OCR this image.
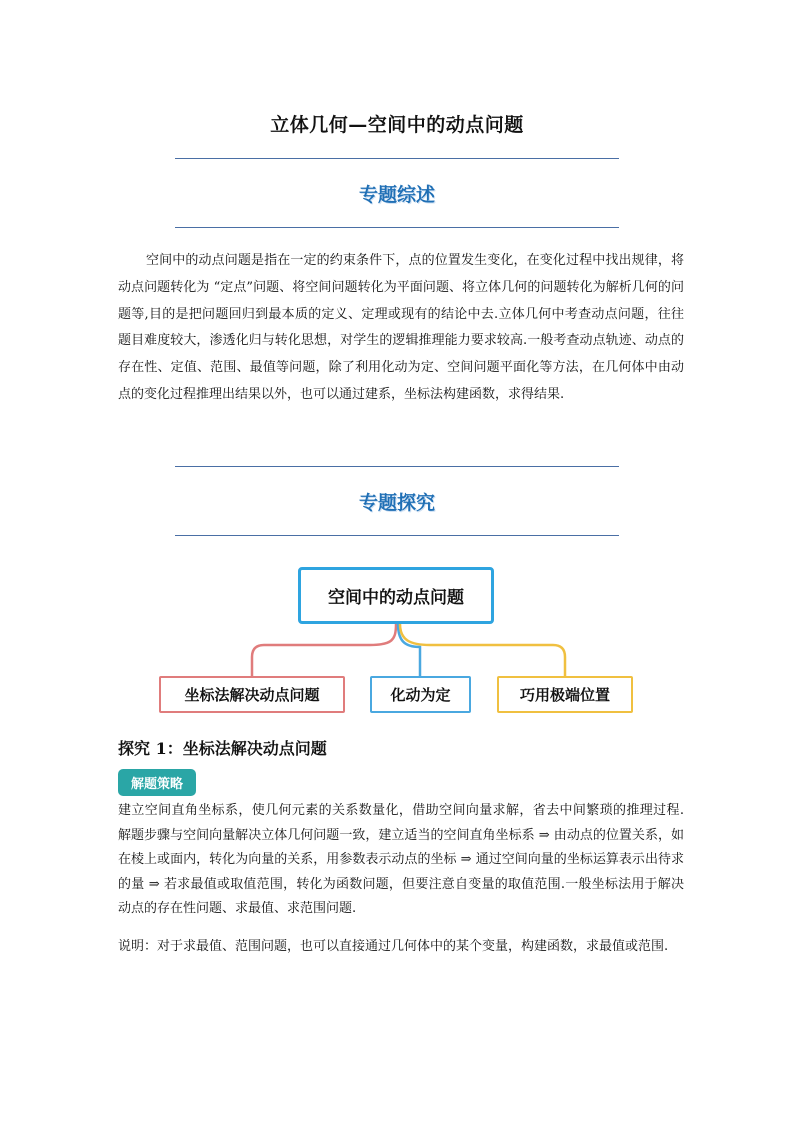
立体几何—空间中的动点问题
专题综述

空间中的动点问题是指在一定的约束条件下，点的位置发生变化，在变化过程中找出规律，将动点问题转化为 “定点”问题、将空间问题转化为平面问题、将立体几何的问题转化为解析几何的问题等,目的是把问题回归到最本质的定义、定理或现有的结论中去.立体几何中考查动点问题，往往题目难度较大，渗透化归与转化思想，对学生的逻辑推理能力要求较高.一般考查动点轨迹、动点的存在性、定值、范围、最值等问题，除了利用化动为定、空间问题平面化等方法，在几何体中由动点的变化过程推理出结果以外，也可以通过建系，坐标法构建函数，求得结果.

专题探究
空间中的动点问题
坐标法解决动点问题	化动为定	巧用极端位置
探究 1：坐标法解决动点问题
解题策略

建立空间直角坐标系，使几何元素的关系数量化，借助空间向量求解，省去中间繁琐的推理过程. 解题步骤与空间向量解决立体几何问题一致，建立适当的空间直角坐标系 ⇒ 由动点的位置关系，如在棱上或面内，转化为向量的关系，用参数表示动点的坐标 ⇒ 通过空间向量的坐标运算表示出待求的量 ⇒ 若求最值或取值范围，转化为函数问题，但要注意自变量的取值范围.一般坐标法用于解决动点的存在性问题、求最值、求范围问题.

说明：对于求最值、范围问题，也可以直接通过几何体中的某个变量，构建函数，求最值或范围.
